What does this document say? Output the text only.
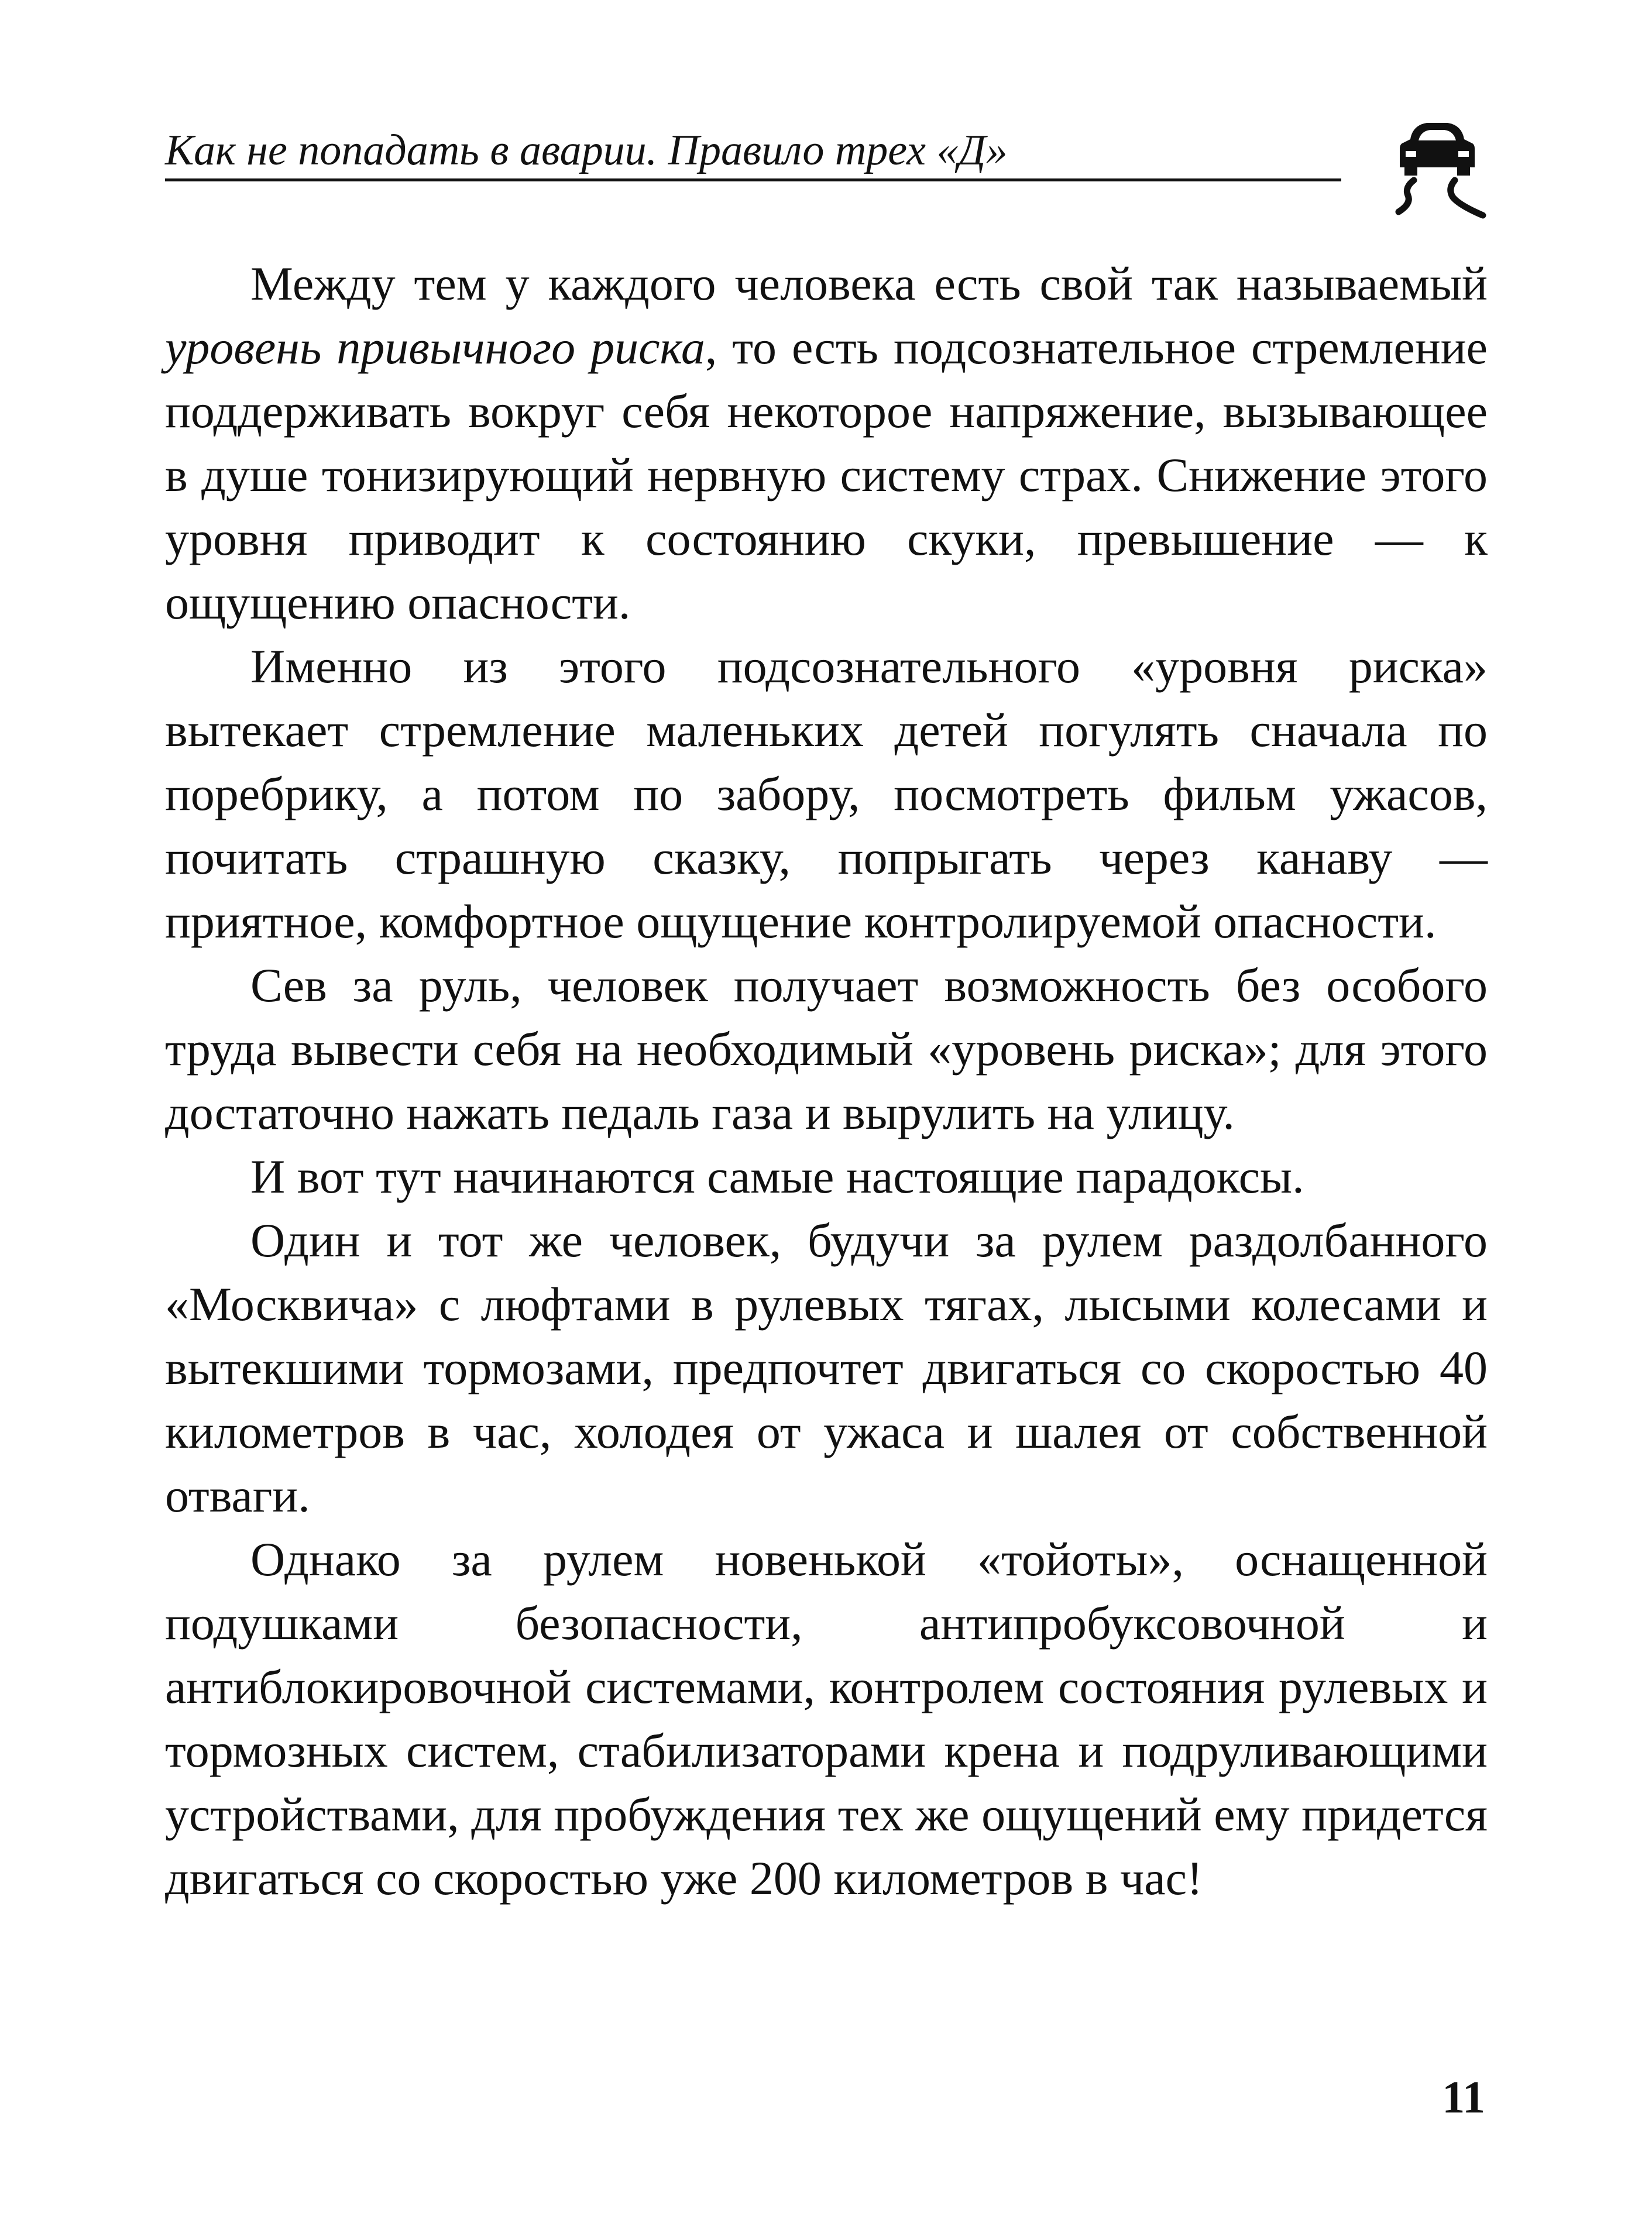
Как не попадать в аварии. Правило трех «Д»

Между тем у каждого человека есть свой так называемый уровень привычного риска, то есть подсознательное стремление поддерживать вокруг себя некоторое напряжение, вызывающее в душе тонизирующий нервную систему страх. Снижение этого уровня приводит к состоянию скуки, превышение — к ощущению опасности.

Именно из этого подсознательного «уровня риска» вытекает стремление маленьких детей погулять сначала по поребрику, а потом по забору, посмотреть фильм ужасов, почитать страшную сказку, попрыгать через канаву — приятное, комфортное ощущение контролируемой опасности.

Сев за руль, человек получает возможность без особого труда вывести себя на необходимый «уровень риска»; для этого достаточно нажать педаль газа и вырулить на улицу.

И вот тут начинаются самые настоящие парадоксы.

Один и тот же человек, будучи за рулем раздолбанного «Москвича» с люфтами в рулевых тягах, лысыми колесами и вытекшими тормозами, предпочтет двигаться со скоростью 40 километров в час, холодея от ужаса и шалея от собственной отваги.

Однако за рулем новенькой «тойоты», оснащенной подушками безопасности, антипробуксовочной и антиблокировочной системами, контролем состояния рулевых и тормозных систем, стабилизаторами крена и подруливающими устройствами, для пробуждения тех же ощущений ему придется двигаться со скоростью уже 200 километров в час!

11
